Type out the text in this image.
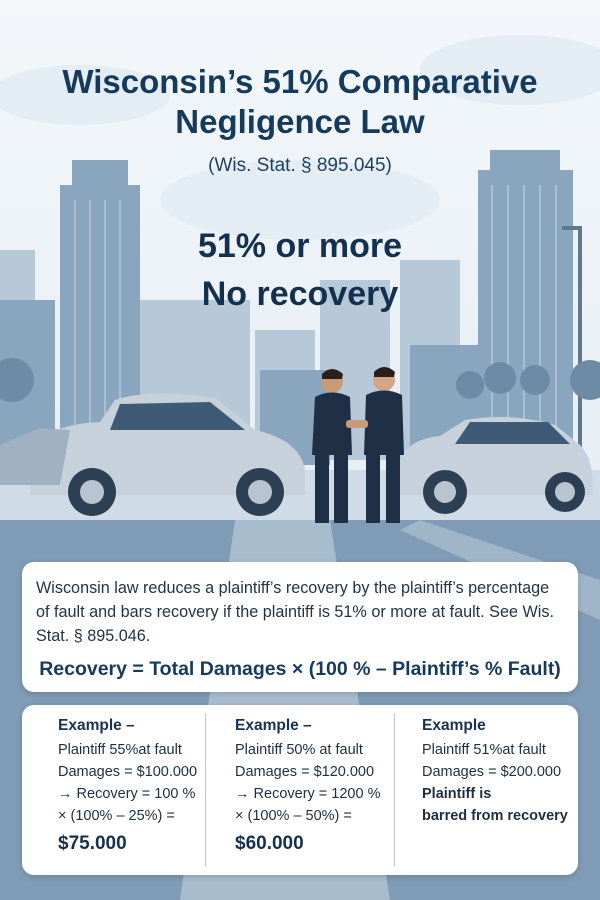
Wisconsin’s 51% Comparative
Negligence Law
(Wis. Stat. § 895.045)
51% or more
No recovery
Wisconsin law reduces a plaintiff’s recovery by the plaintiff’s percentage of fault and bars recovery if the plaintiff is 51% or more at fault. See Wis. Stat. § 895.046.
Recovery = Total Damages × (100 % – Plaintiff’s % Fault)
Example –
Plaintiff 55%at fault
Damages = $100.000
→ Recovery = 100 %
× (100% – 25%) =
$75.000
Example –
Plaintiff 50% at fault
Damages = $120.000
→ Recovery = 1200 %
× (100% – 50%) =
$60.000
Example
Plaintiff 51%at fault
Damages = $200.000
Plaintiff is
barred from recovery
